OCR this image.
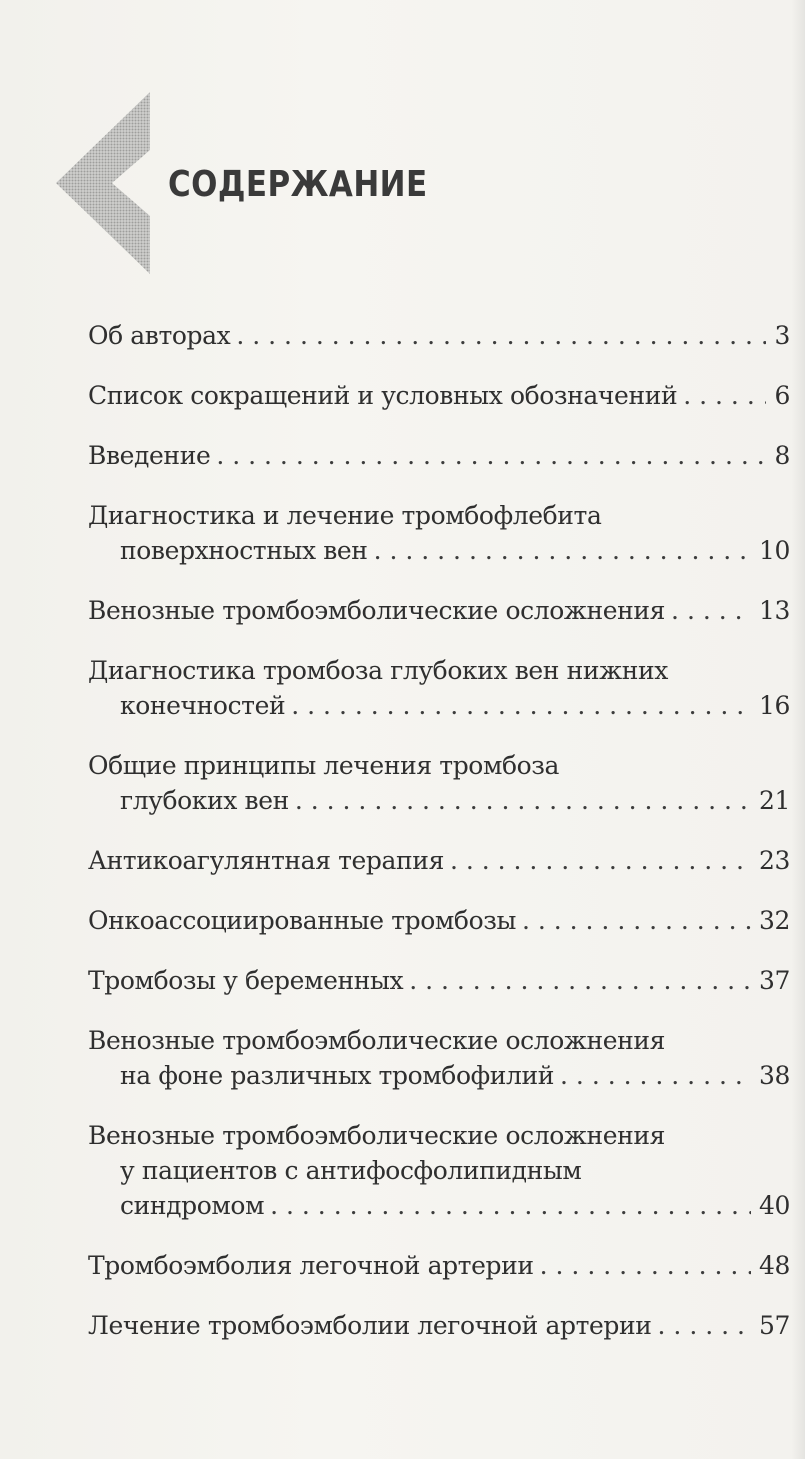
СОДЕРЖАНИЕ
Об авторах . . .	3
Список сокращений и условных обозначений . . .	6
Введение . . .	8
Диагностика и лечение тромбофлебита
поверхностных вен . . .	10
Венозные тромбоэмболические осложнения . . .	13
Диагностика тромбоза глубоких вен нижних
конечностей . . .	16
Общие принципы лечения тромбоза
глубоких вен . . .	21
Антикоагулянтная терапия . . .	23
Онкоассоциированные тромбозы . . .	32
Тромбозы у беременных . . .	37
Венозные тромбоэмболические осложнения
на фоне различных тромбофилий . . .	38
Венозные тромбоэмболические осложнения
у пациентов с антифосфолипидным
синдромом . . .	40
Тромбоэмболия легочной артерии . . .	48
Лечение тромбоэмболии легочной артерии . . .	57
